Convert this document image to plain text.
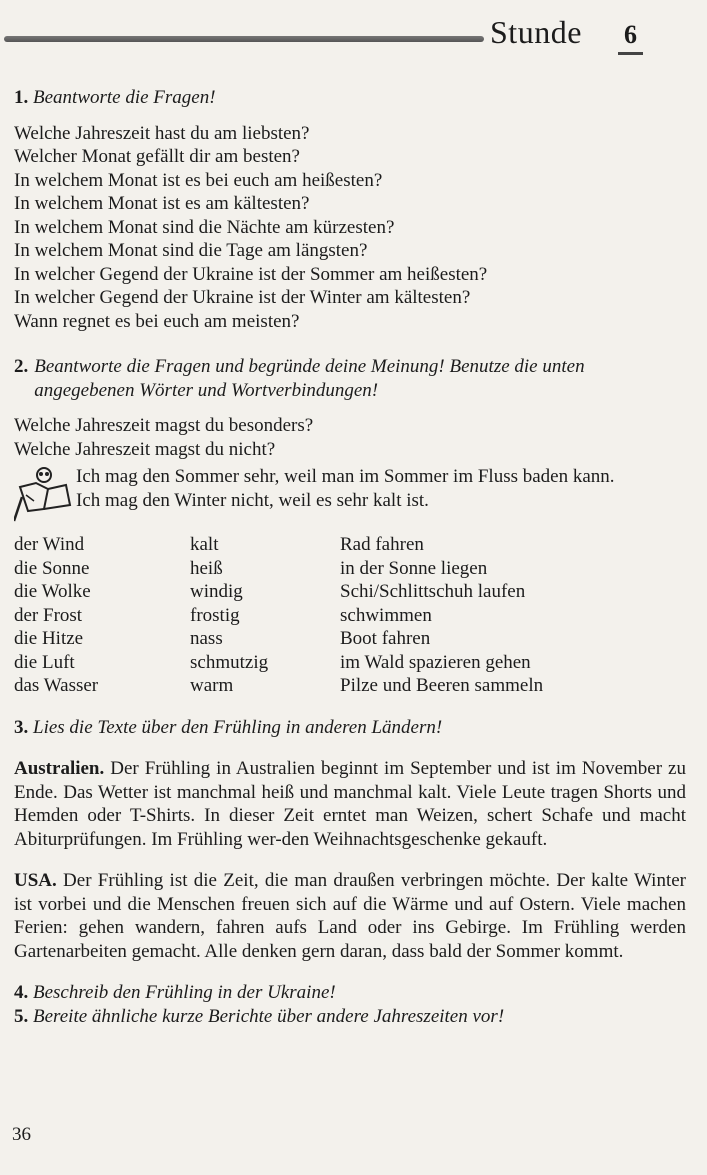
Stunde 6

1. Beantworte die Fragen!

Welche Jahreszeit hast du am liebsten?
Welcher Monat gefällt dir am besten?
In welchem Monat ist es bei euch am heißesten?
In welchem Monat ist es am kältesten?
In welchem Monat sind die Nächte am kürzesten?
In welchem Monat sind die Tage am längsten?
In welcher Gegend der Ukraine ist der Sommer am heißesten?
In welcher Gegend der Ukraine ist der Winter am kältesten?
Wann regnet es bei euch am meisten?
2. Beantworte die Fragen und begründe deine Meinung! Benutze die unten angegebenen Wörter und Wortverbindungen!
Welche Jahreszeit magst du besonders?
Welche Jahreszeit magst du nicht?
Ich mag den Sommer sehr, weil man im Sommer im Fluss baden kann.
Ich mag den Winter nicht, weil es sehr kalt ist.
der Wind	kalt	Rad fahren
die Sonne	heiß	in der Sonne liegen
die Wolke	windig	Schi/Schlittschuh laufen
der Frost	frostig	schwimmen
die Hitze	nass	Boot fahren
die Luft	schmutzig	im Wald spazieren gehen
das Wasser	warm	Pilze und Beeren sammeln

3. Lies die Texte über den Frühling in anderen Ländern!

Australien. Der Frühling in Australien beginnt im September und ist im November zu Ende. Das Wetter ist manchmal heiß und manchmal kalt. Viele Leute tragen Shorts und Hemden oder T-Shirts. In dieser Zeit erntet man Weizen, schert Schafe und macht Abiturprüfungen. Im Frühling wer-den Weihnachtsgeschenke gekauft.

USA. Der Frühling ist die Zeit, die man draußen verbringen möchte. Der kalte Winter ist vorbei und die Menschen freuen sich auf die Wärme und auf Ostern. Viele machen Ferien: gehen wandern, fahren aufs Land oder ins Gebirge. Im Frühling werden Gartenarbeiten gemacht. Alle denken gern daran, dass bald der Sommer kommt.

4. Beschreib den Frühling in der Ukraine!

5. Bereite ähnliche kurze Berichte über andere Jahreszeiten vor!

36
